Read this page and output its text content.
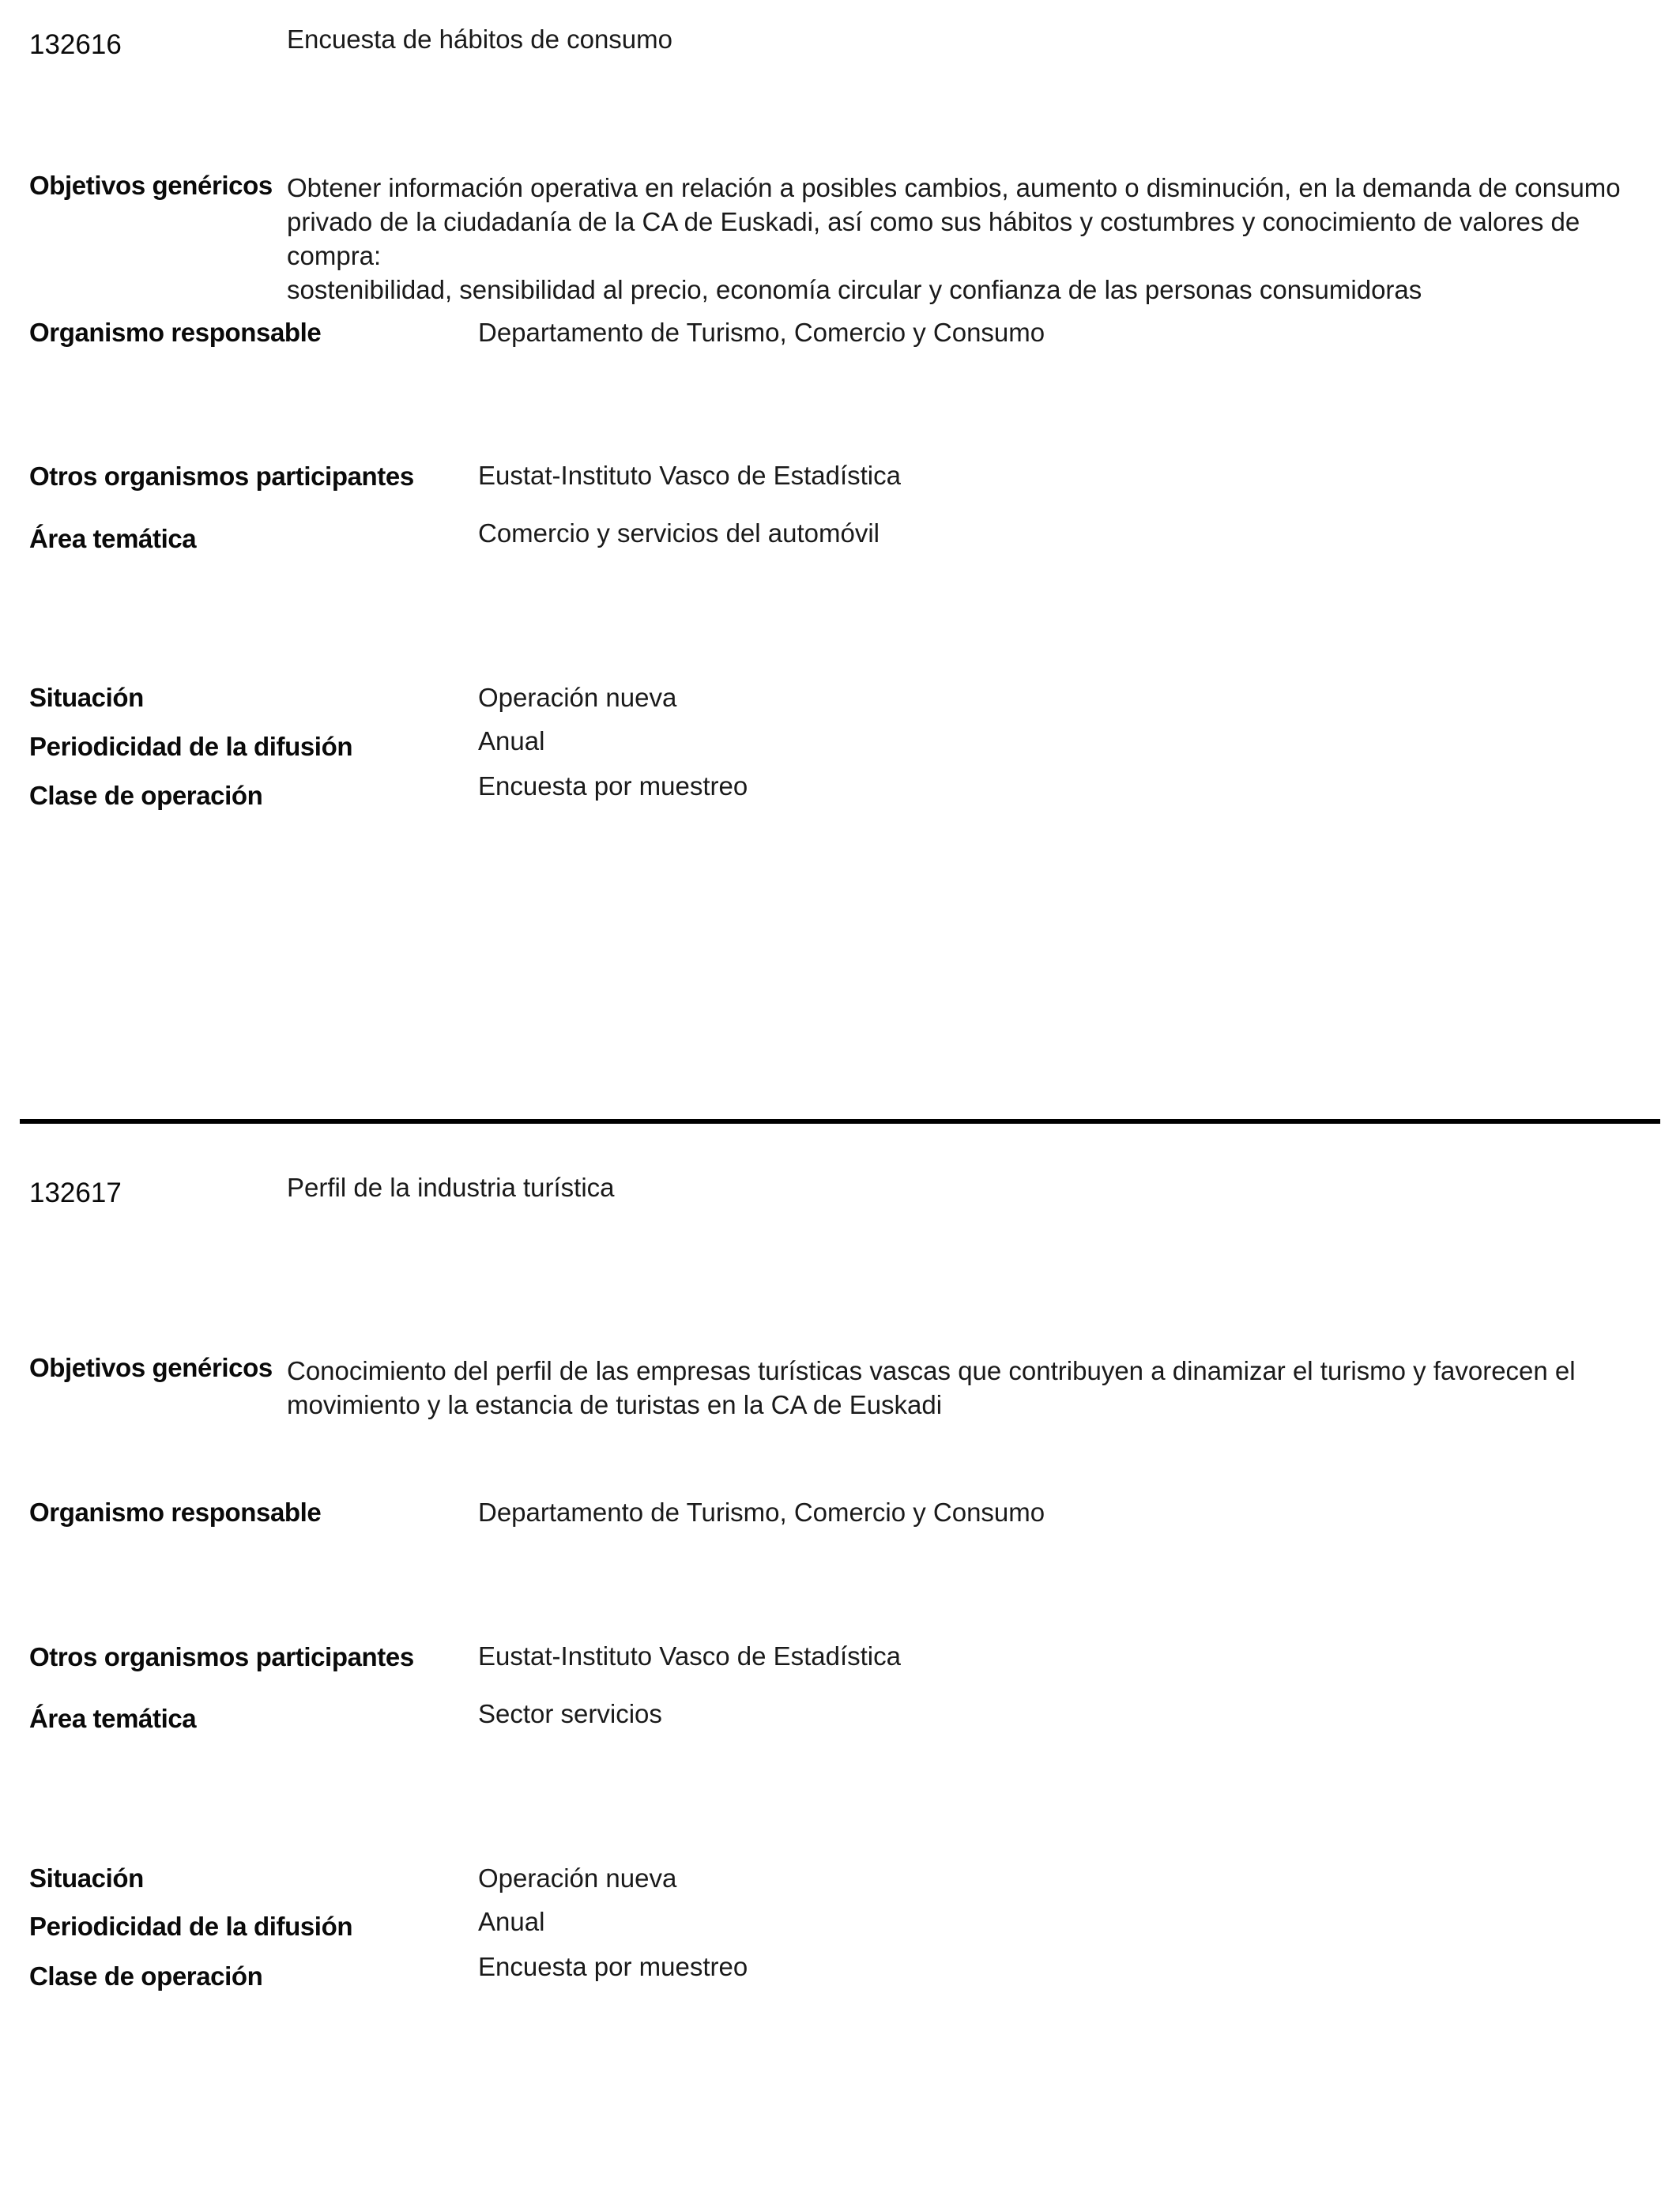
132616	Encuesta de hábitos de consumo
Objetivos genéricos Obtener información operativa en relación a posibles cambios, aumento o disminución, en la demanda de consumo
privado de la ciudadanía de la CA de Euskadi, así como sus hábitos y costumbres y conocimiento de valores de compra:
sostenibilidad, sensibilidad al precio, economía circular y confianza de las personas consumidoras
Organismo responsable	Departamento de Turismo, Comercio y Consumo
Otros organismos participantes Eustat-Instituto Vasco de Estadística
Área temática	Comercio y servicios del automóvil
Situación	Operación nueva
Periodicidad de la difusión	Anual
Clase de operación	Encuesta por muestreo
132617	Perfil de la industria turística
Objetivos genéricos Conocimiento del perfil de las empresas turísticas vascas que contribuyen a dinamizar el turismo y favorecen el
movimiento y la estancia de turistas en la CA de Euskadi
Organismo responsable	Departamento de Turismo, Comercio y Consumo
Otros organismos participantes Eustat-Instituto Vasco de Estadística
Área temática	Sector servicios
Situación	Operación nueva
Periodicidad de la difusión	Anual
Clase de operación	Encuesta por muestreo
